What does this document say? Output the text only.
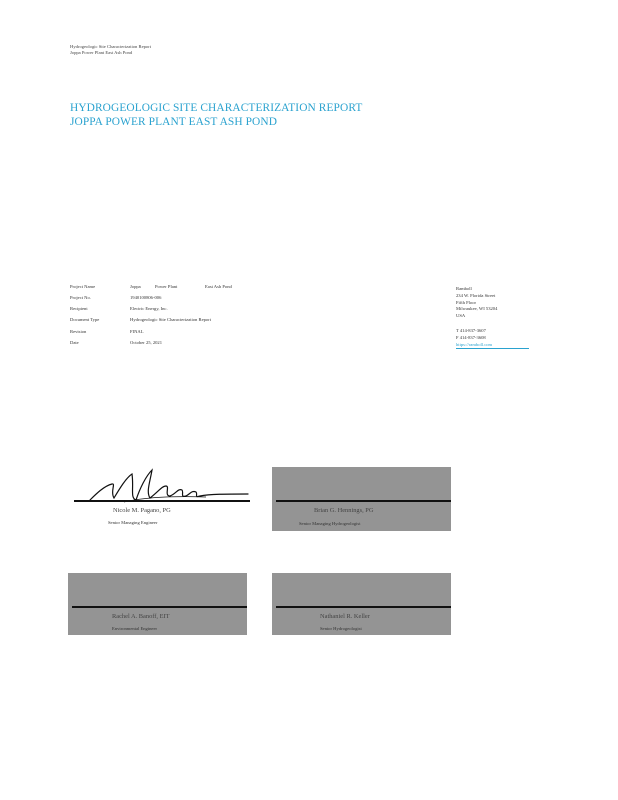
Hydrogeologic Site Characterization Report
Joppa Power Plant East Ash Pond
HYDROGEOLOGIC SITE CHARACTERIZATION REPORT
JOPPA POWER PLANT EAST ASH POND
Project Name	Joppa	Power Plant	East Ash Pond
Project No.	1940100806-006
Recipient	Electric Energy, Inc.
Document Type	Hydrogeologic Site Characterization Report
Revision	FINAL
Date	October 25, 2021
Ramboll
234 W. Florida Street
Fifth Floor
Milwaukee, WI 53204
USA
T 414-837-3607
F 414-837-3608
https://ramboll.com
Nicole M. Pagano, PG
Senior Managing Engineer
Brian G. Hennings, PG
Senior Managing Hydrogeologist
Rachel A. Banoff, EIT
Environmental Engineer
Nathaniel R. Keller
Senior Hydrogeologist
